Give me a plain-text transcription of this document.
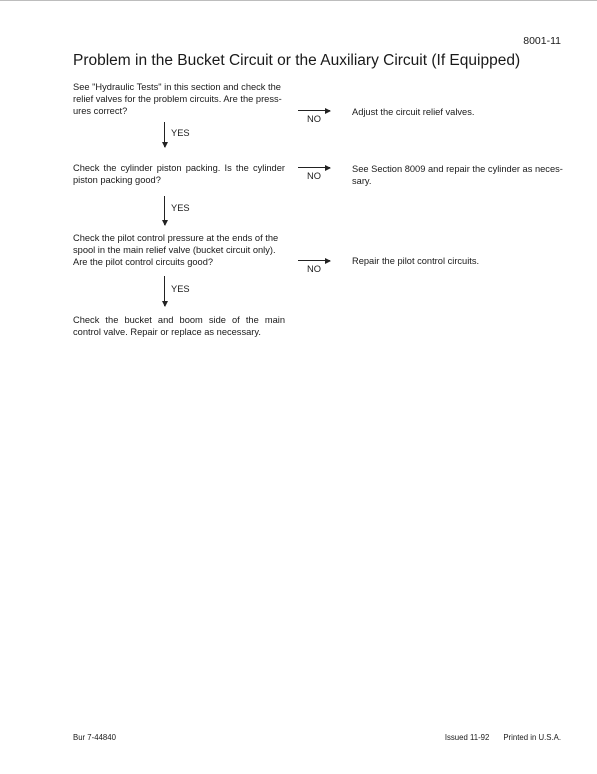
8001-11
Problem in the Bucket Circuit or the Auxiliary Circuit (If Equipped)
See "Hydraulic Tests" in this section and check the relief valves for the problem circuits. Are the press-ures correct?
NO
Adjust the circuit relief valves.
YES
Check the cylinder piston packing. Is the cylinder piston packing good?	NO
See Section 8009 and repair the cylinder as neces-sary.
YES
Check the pilot control pressure at the ends of the spool in the main relief valve (bucket circuit only). Are the pilot control circuits good?
NO
Repair the pilot control circuits.
YES
Check the bucket and boom side of the main control valve. Repair or replace as necessary.
Bur 7-44840	Issued 11-92 Printed in U.S.A.
